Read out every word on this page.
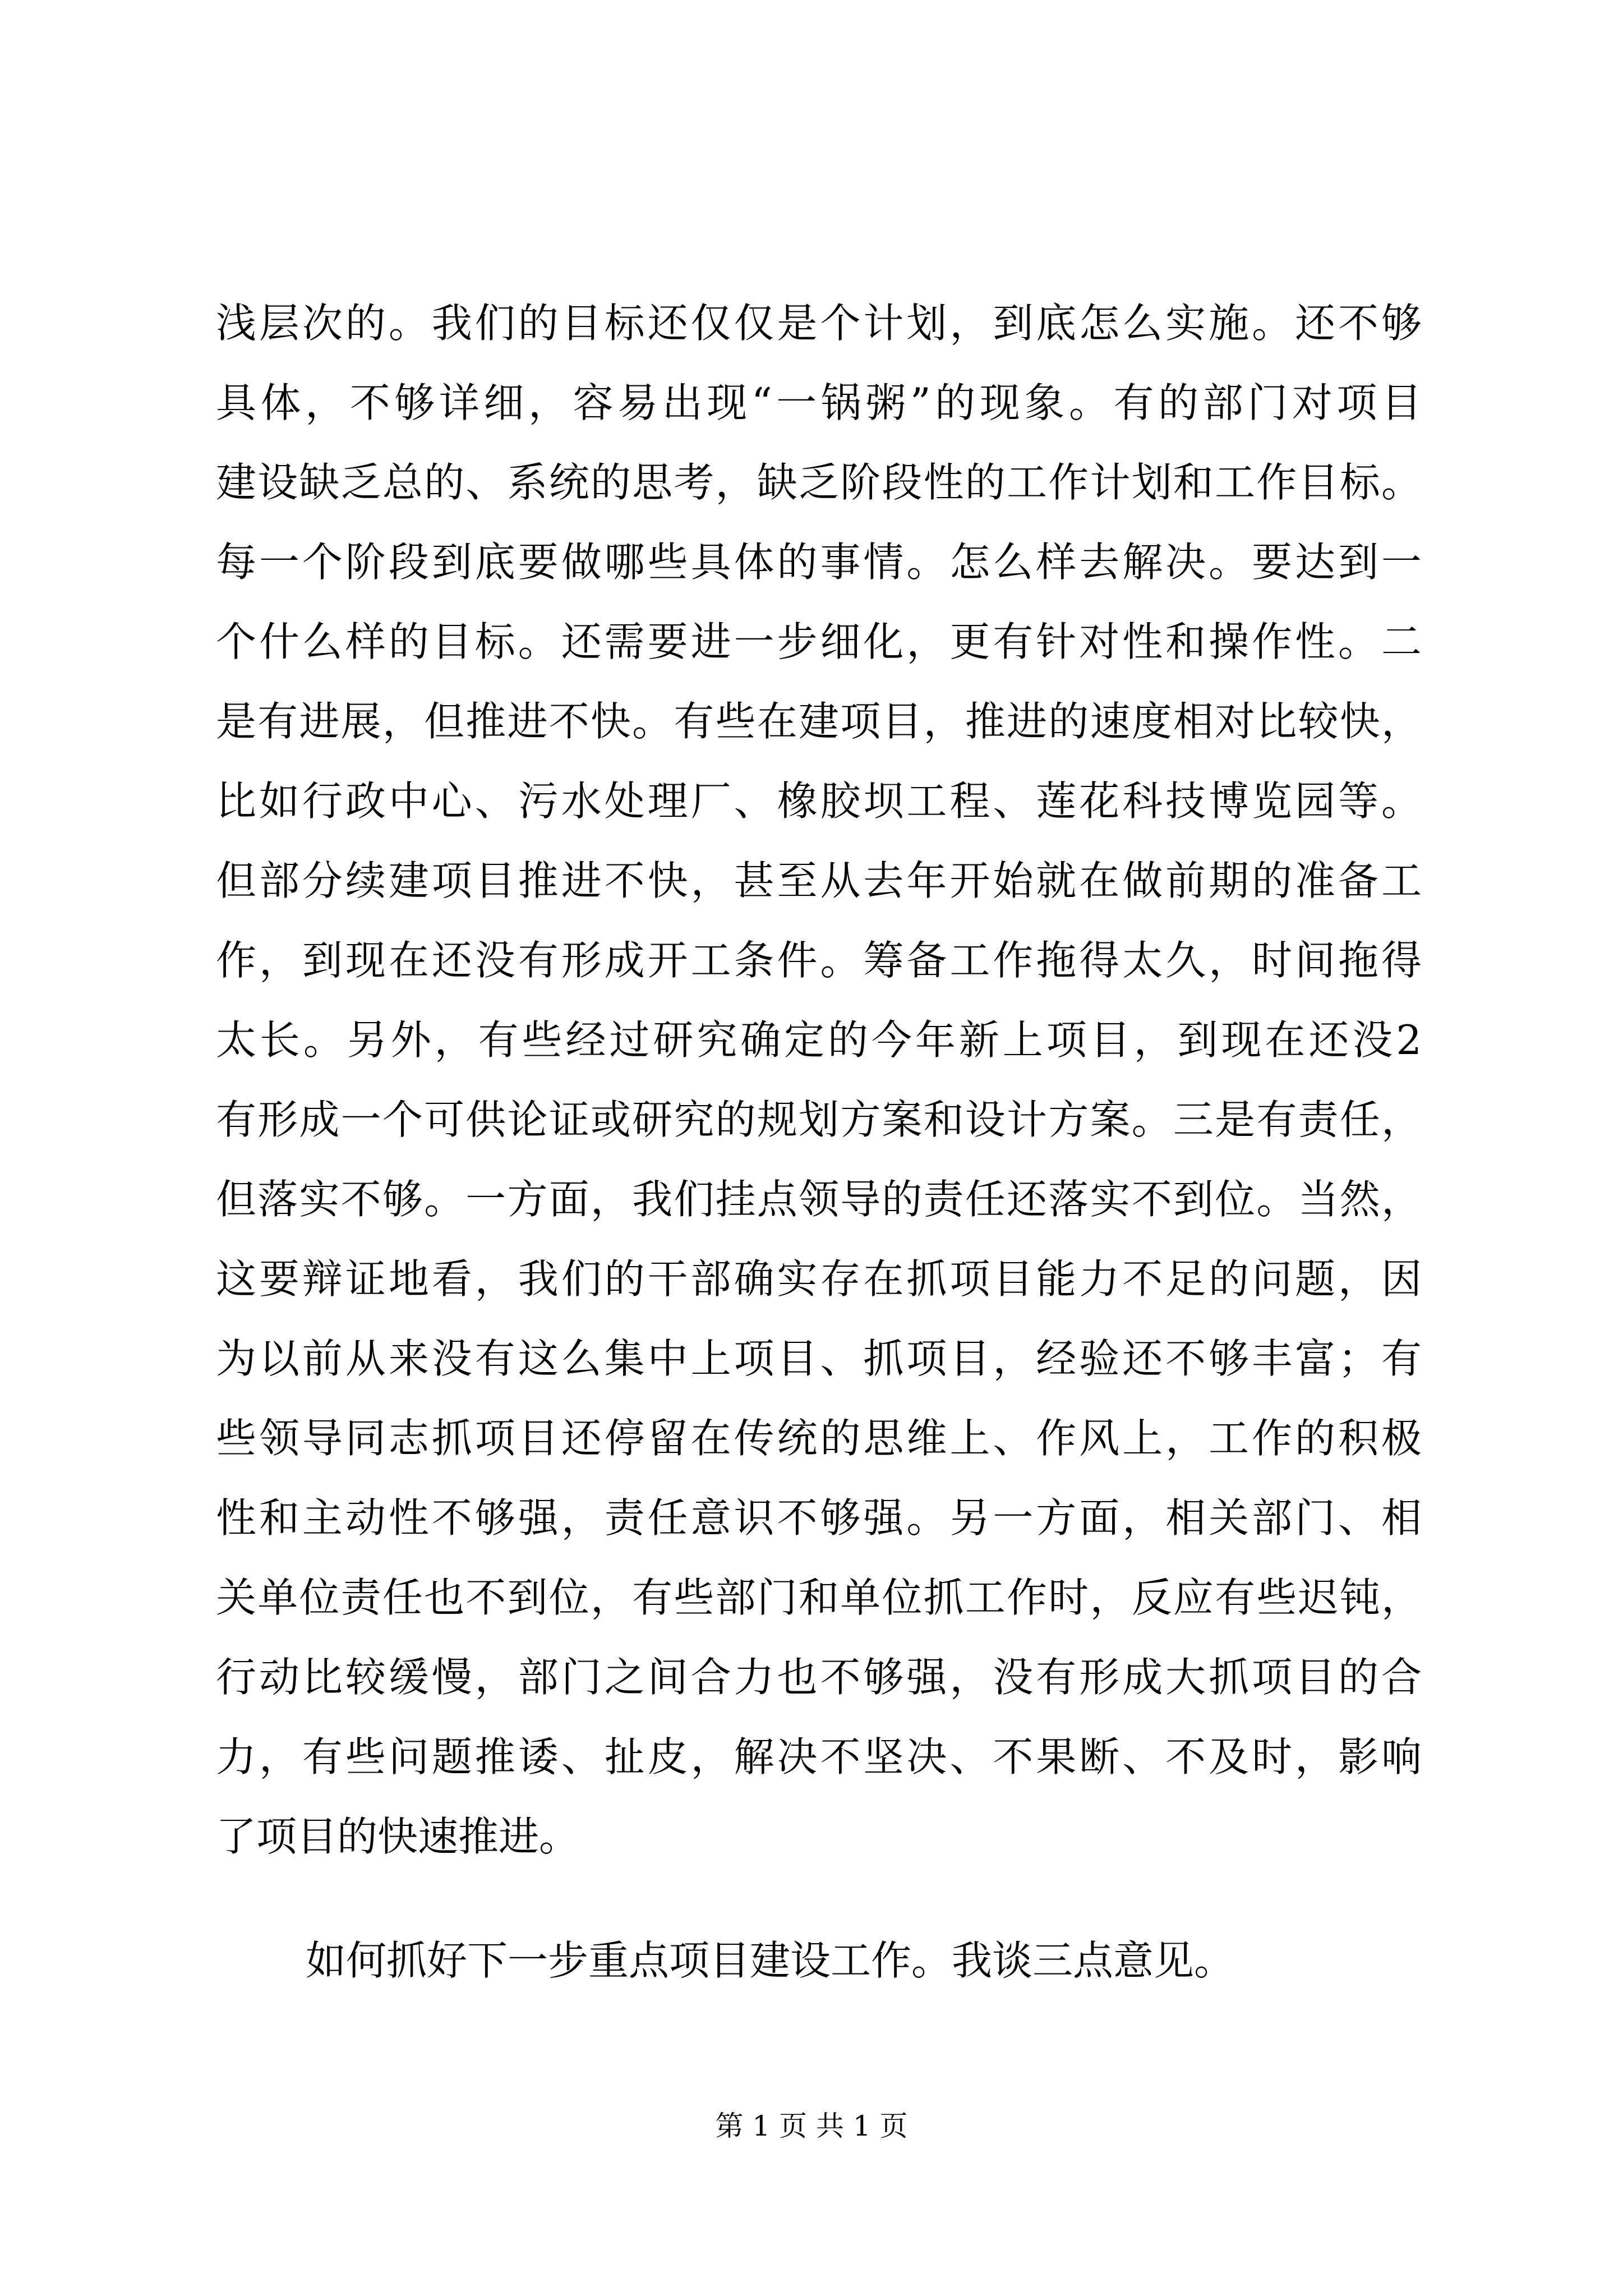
浅层次的。我们的目标还仅仅是个计划，到底怎么实施。还不够
具体，不够详细，容易出现“一锅粥”的现象。有的部门对项目
建设缺乏总的、系统的思考，缺乏阶段性的工作计划和工作目标。
每一个阶段到底要做哪些具体的事情。怎么样去解决。要达到一
个什么样的目标。还需要进一步细化，更有针对性和操作性。二
是有进展，但推进不快。有些在建项目，推进的速度相对比较快，
比如行政中心、污水处理厂、橡胶坝工程、莲花科技博览园等。
但部分续建项目推进不快，甚至从去年开始就在做前期的准备工
作，到现在还没有形成开工条件。筹备工作拖得太久，时间拖得
太长。另外，有些经过研究确定的今年新上项目，到现在还没2
有形成一个可供论证或研究的规划方案和设计方案。三是有责任，
但落实不够。一方面，我们挂点领导的责任还落实不到位。当然，
这要辩证地看，我们的干部确实存在抓项目能力不足的问题，因
为以前从来没有这么集中上项目、抓项目，经验还不够丰富；有
些领导同志抓项目还停留在传统的思维上、作风上，工作的积极
性和主动性不够强，责任意识不够强。另一方面，相关部门、相
关单位责任也不到位，有些部门和单位抓工作时，反应有些迟钝，
行动比较缓慢，部门之间合力也不够强，没有形成大抓项目的合
力，有些问题推诿、扯皮，解决不坚决、不果断、不及时，影响
了项目的快速推进。
如何抓好下一步重点项目建设工作。我谈三点意见。
第 1 页 共 1 页
